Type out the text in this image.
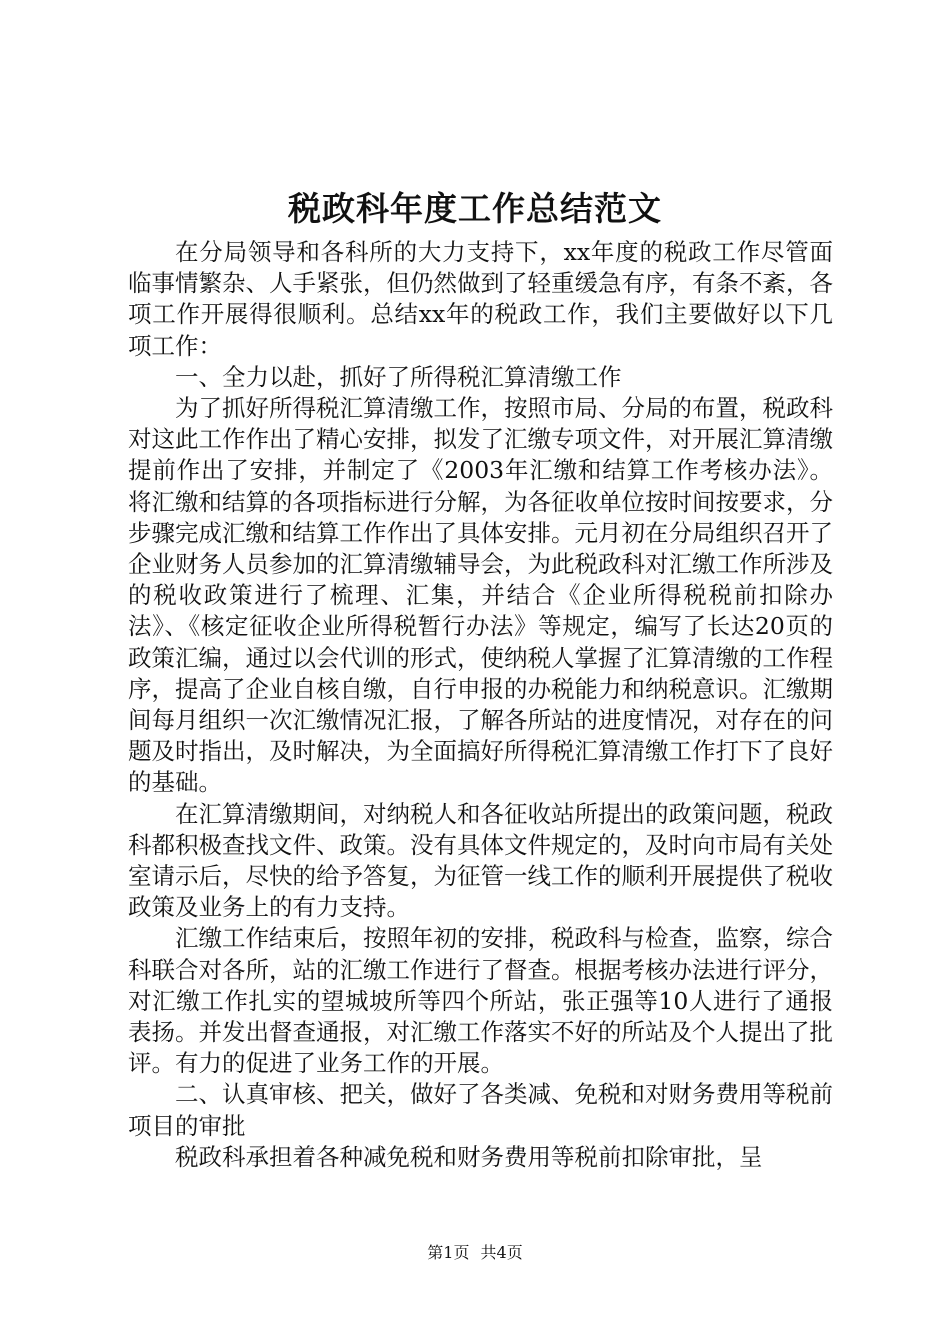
税政科年度工作总结范文

在分局领导和各科所的大力支持下，xx年度的税政工作尽管面临事情繁杂、人手紧张，但仍然做到了轻重缓急有序，有条不紊，各项工作开展得很顺利。总结xx年的税政工作，我们主要做好以下几项工作：

一、全力以赴，抓好了所得税汇算清缴工作

为了抓好所得税汇算清缴工作，按照市局、分局的布置，税政科对这此工作作出了精心安排，拟发了汇缴专项文件，对开展汇算清缴提前作出了安排，并制定了《2003年汇缴和结算工作考核办法》。将汇缴和结算的各项指标进行分解，为各征收单位按时间按要求，分步骤完成汇缴和结算工作作出了具体安排。元月初在分局组织召开了企业财务人员参加的汇算清缴辅导会，为此税政科对汇缴工作所涉及的税收政策进行了梳理、汇集，并结合《企业所得税税前扣除办法》、《核定征收企业所得税暂行办法》等规定，编写了长达20页的政策汇编，通过以会代训的形式，使纳税人掌握了汇算清缴的工作程序，提高了企业自核自缴，自行申报的办税能力和纳税意识。汇缴期间每月组织一次汇缴情况汇报，了解各所站的进度情况，对存在的问题及时指出，及时解决，为全面搞好所得税汇算清缴工作打下了良好的基础。

在汇算清缴期间，对纳税人和各征收站所提出的政策问题，税政科都积极查找文件、政策。没有具体文件规定的，及时向市局有关处室请示后，尽快的给予答复，为征管一线工作的顺利开展提供了税收政策及业务上的有力支持。

汇缴工作结束后，按照年初的安排，税政科与检查，监察，综合科联合对各所，站的汇缴工作进行了督查。根据考核办法进行评分，对汇缴工作扎实的望城坡所等四个所站，张正强等10人进行了通报表扬。并发出督查通报，对汇缴工作落实不好的所站及个人提出了批评。有力的促进了业务工作的开展。

二、认真审核、把关，做好了各类减、免税和对财务费用等税前项目的审批

税政科承担着各种减免税和财务费用等税前扣除审批，呈

第1页 共4页
